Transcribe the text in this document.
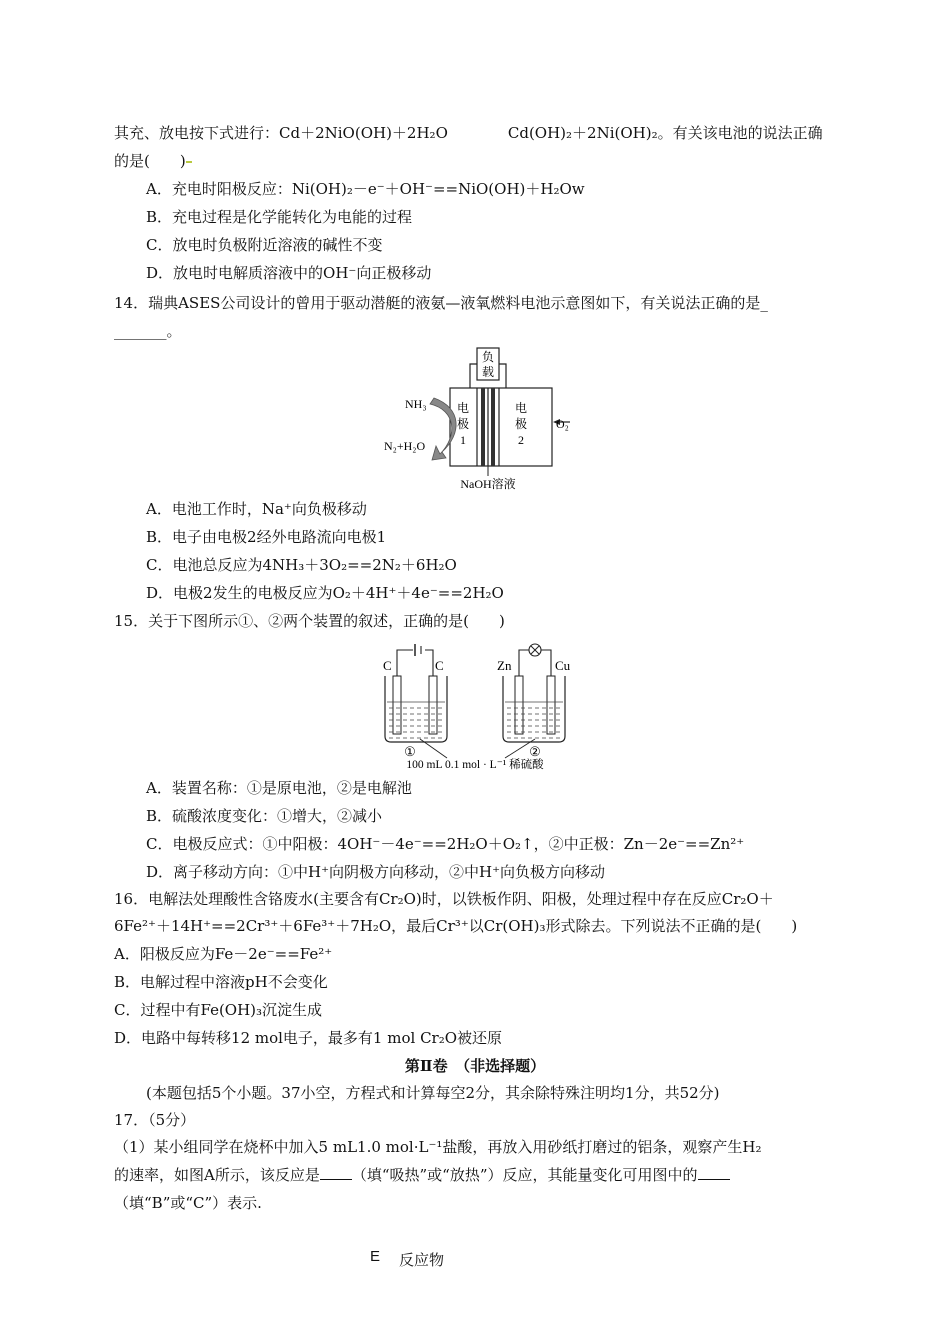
其充、放电按下式进行：Cd＋2NiO(OH)＋2H₂O　　　　Cd(OH)₂＋2Ni(OH)₂。有关该电池的说法正确
的是(　　)
A．充电时阳极反应：Ni(OH)₂－e⁻＋OH⁻==NiO(OH)＋H₂Ow
B．充电过程是化学能转化为电能的过程
C．放电时负极附近溶液的碱性不变
D．放电时电解质溶液中的OH⁻向正极移动
14．瑞典ASES公司设计的曾用于驱动潜艇的液氨—液氧燃料电池示意图如下，有关说法正确的是_
_______。
负
载
电
极
1
电
极
2
NH₃
N₂+H₂O
O₂
NaOH溶液
A．电池工作时，Na⁺向负极移动
B．电子由电极2经外电路流向电极1
C．电池总反应为4NH₃＋3O₂==2N₂＋6H₂O
D．电极2发生的电极反应为O₂＋4H⁺＋4e⁻==2H₂O
15．关于下图所示①、②两个装置的叙述，正确的是(　　)
C	C
①
Zn	Cu
②
100 mL 0.1 mol · L⁻¹ 稀硫酸
A．装置名称：①是原电池，②是电解池
B．硫酸浓度变化：①增大，②减小
C．电极反应式：①中阳极：4OH⁻－4e⁻==2H₂O＋O₂↑，②中正极：Zn－2e⁻==Zn²⁺
D．离子移动方向：①中H⁺向阴极方向移动，②中H⁺向负极方向移动
16．电解法处理酸性含铬废水(主要含有Cr₂O)时，以铁板作阴、阳极，处理过程中存在反应Cr₂O＋
6Fe²⁺＋14H⁺==2Cr³⁺＋6Fe³⁺＋7H₂O，最后Cr³⁺以Cr(OH)₃形式除去。下列说法不正确的是(　　)
A．阳极反应为Fe－2e⁻==Fe²⁺
B．电解过程中溶液pH不会变化
C．过程中有Fe(OH)₃沉淀生成
D．电路中每转移12 mol电子，最多有1 mol Cr₂O被还原
第Ⅱ卷　（非选择题）
(本题包括5个小题。37小空，方程式和计算每空2分，其余除特殊注明均1分，共52分)
17．（5分）
（1）某小组同学在烧杯中加入5 mL1.0 mol·L⁻¹盐酸，再放入用砂纸打磨过的铝条，观察产生H₂
的速率，如图A所示，该反应是 （填“吸热”或“放热”）反应，其能量变化可用图中的
（填“B”或“C”）表示.
E 反应物
